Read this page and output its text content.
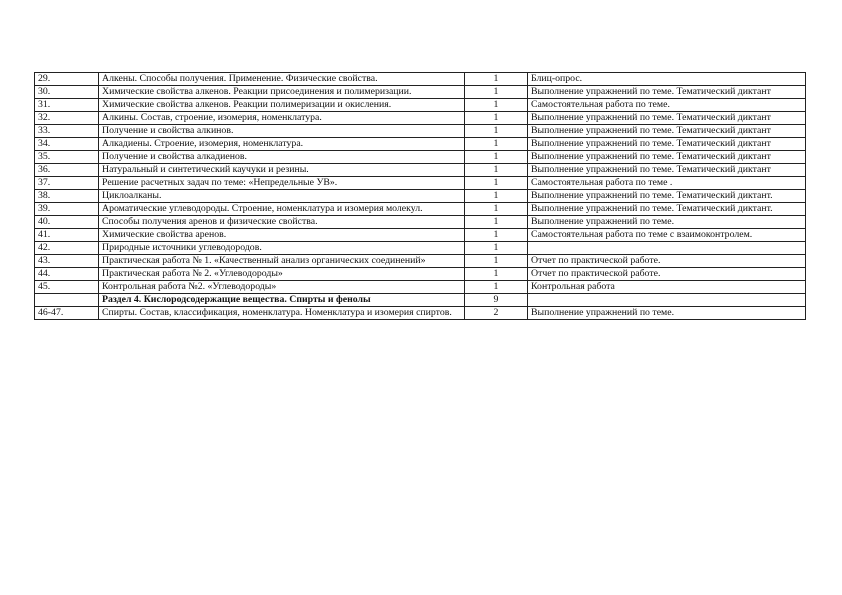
29.	Алкены. Способы получения. Применение. Физические свойства.	1	Блиц-опрос.
30.	Химические свойства алкенов. Реакции присоединения и полимеризации.	1	Выполнение упражнений по теме. Тематический диктант
31.	Химические свойства алкенов. Реакции полимеризации и окисления.	1	Самостоятельная работа по теме.
32.	Алкины. Состав, строение, изомерия, номенклатура.	1	Выполнение упражнений по теме. Тематический диктант
33.	Получение и свойства алкинов.	1	Выполнение упражнений по теме. Тематический диктант
34.	Алкадиены. Строение, изомерия, номенклатура.	1	Выполнение упражнений по теме. Тематический диктант
35.	Получение и свойства алкадиенов.	1	Выполнение упражнений по теме. Тематический диктант
36.	Натуральный и синтетический каучуки и резины.	1	Выполнение упражнений по теме. Тематический диктант
37.	Решение расчетных задач по теме: «Непредельные УВ».	1	Самостоятельная работа по теме .
38.	Циклоалканы.	1	Выполнение упражнений по теме. Тематический диктант.
39.	Ароматические углеводороды. Строение, номенклатура и изомерия молекул.	1	Выполнение упражнений по теме. Тематический диктант.
40.	Способы получения аренов и физические свойства.	1	Выполнение упражнений по теме.
41.	Химические свойства аренов.	1	Самостоятельная работа по теме с взаимоконтролем.
42.	Природные источники углеводородов.	1	
43.	Практическая работа № 1. «Качественный анализ органических соединений»	1	Отчет по практической работе.
44.	Практическая работа № 2. «Углеводороды»	1	Отчет по практической работе.
45.	Контрольная работа №2. «Углеводороды»	1	Контрольная работа
	Раздел 4. Кислородсодержащие вещества. Спирты и фенолы	9	
46-47.	Спирты. Состав, классификация, номенклатура. Номенклатура и изомерия спиртов.	2	Выполнение упражнений по теме.
